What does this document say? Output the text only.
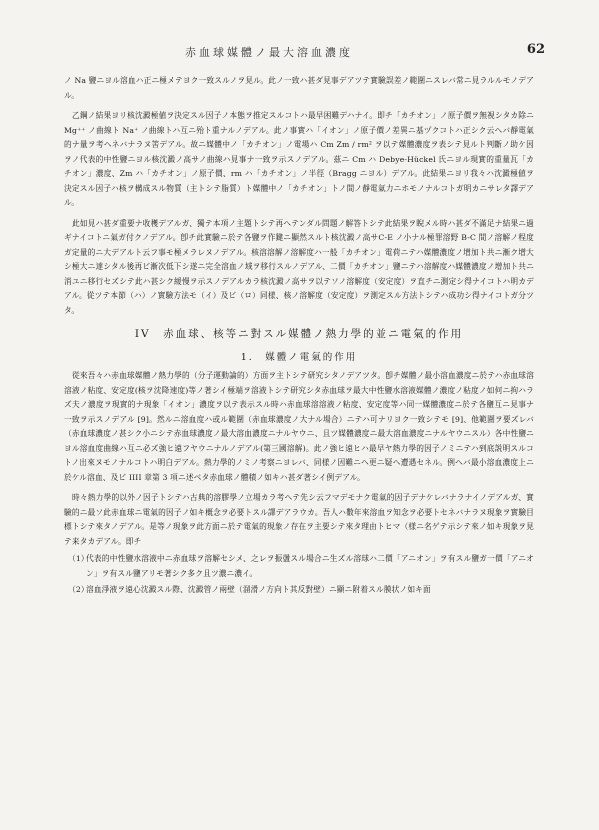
赤血球媒體ノ最大溶血濃度	62

ノ Na 鹽ニヨル溶血ハ正ニ極メテヨク一致スルノヲ見ル。此ノ一致ハ甚ダ見事デアツテ實驗誤差ノ範圍ニスレバ常ニ見ラルルモノデアル。

乙鋼ノ結果ヨリ核沈澱極値ヲ決定スル因子ノ本態ヲ推定スルコトハ最早困難デハナイ。即チ「カチオン」ノ原子價ヲ無視シタカ除ニ Mg⁺⁺ ノ曲線ト Na⁺ ノ曲線トハ互ニ殆ト重ナルノデアル。此ノ事實ハ「イオン」ノ原子價ノ差異ニ基ヅクコトハ正シク云ヘバ靜電氣的ナ量ヲ考ヘネバナラヌ筈デアル。故ニ媒體中ノ「カチオン」ノ電場ハ Cm Zm / rm² ヲ以テ媒體濃度ヲ表シテ見ルト判斷ノ助ケ因ヲノ代表的中性鹽ニヨル核沈澱ノ高サノ曲線ハ見事ナ一致ヲ示スノデアル。茲ニ Cm ハ Debye-Hückel 氏ニヨル現實的重量瓦「カチオン」濃度、Zm ハ「カチオン」ノ原子價、rm ハ「カチオン」ノ半徑（Bragg ニヨル）デアル。此結果ニヨリ我々ハ沈澱極値ヲ決定スル因子ハ核ヲ構成スル物質（主トシテ脂質）ト媒體中ノ「カチオン」トノ間ノ靜電氣力ニホモノナルコトガ明カニサレタ譯デアル。

此如見ハ甚ダ重要ナ收穫デアルガ、獨テ本項ノ主題トシテ再ヘテンダル問題ノ解答トシテ此結果ヲ睨メル時ハ甚ダ不滿足ナ結果ニ過ギナイコトニ氣ガ付クノデアル。卽チ此實驗ニ於テ各鹽ヲ作鍵ニ顯然スルト核沈澱ノ高サC-E ノ小ナル極罪溶野 B-C 間ノ溶解ノ程度ガ定量的ニ大デアルト云フ事モ極メラレヌノデアル。核溶溶解ノ溶解度ハ一般「カチオン」電荷ニテハ媒體濃度ノ增加ト共ニ漸ク增大シ極大ニ達シタル後再ビ漸次低下シ遂ニ完全溶血ノ域ヲ移行スルノデアル、二價「カチオン」鹽ニテハ溶解度ハ媒體濃度ノ增加ト共ニ消ユニ移行セズシテ此ハ甚シク緩慢ヲ示スノデアルカラ核沈澱ノ高サヲ以テソノ溶解度（安定度）ヲ直チニ測定シ得ナイコトハ明カデアル。從ツテ本節（ハ）ノ實驗方法モ（イ）及ビ（ロ）同様、核ノ溶解度（安定度）ヲ測定スル方法トシテハ成功シ得ナイコトガ分ツタ。

IV　赤血球、核等ニ對スル媒體ノ熱力學的並ニ電氣的作用
1.　媒體ノ電氣的作用

從來吾々ハ赤血球媒體ノ熱力學的（分子運動論的）方面ヲ主トシテ研究シタノデアツタ。卽チ媒體ノ最小溶血濃度ニ於テハ赤血球溶溶液ノ粘度、安定度(核ヲ沈降速度)等ノ著シイ極端ヲ溶液トシテ研究シタ赤血球ヲ最大中性鹽水溶液媒體ノ濃度ノ粘度ノ如何ニ拘ハラズ夫ノ濃度ヲ現實的ナ現象「イオン」濃度ヲ以テ表示スル時ハ赤血球溶溶液ノ粘度、安定度等ハ同一媒體濃度ニ於テ各鹽互ニ見事ナ一致ヲ示スノデアル [9]。然ルニ溶血度ハ或ル範圍（赤血球濃度ノ大ナル場合）ニテハ可ナリヨク一致シテモ [9]、他範圍ヲ要ズレバ（赤血球濃度ノ甚シク小ニシテ赤血球濃度ノ最大溶血濃度ニナルヤウニ、且ツ媒體濃度ニ最大溶血濃度ニナルヤウニスル）各中性鹽ニヨル溶血度曲線ハ互ニ必ズ強ヒ遠フヤウニナルノデアル(第三國溶解)。此ノ強ヒ遠ヒハ最早ヤ熱力學的因子ノミニテハ到底説明スルコトノ出來ヌモノナルコトハ明白デアル。熱力學的ノミノ考察ニヨレバ、同様ノ因難ニヘ更ニ疑ヘ遭遇セネル。例ヘバ最小溶血濃度上ニ於ケル溶血、及ビ IIII 章第 3 項ニ述ベタ赤血球ノ體積ノ如キハ甚ダ著シイ例デアル。

時々熱力學的以外ノ因子トシテハ古典的溶膠學ノ立場カラ考ヘテ先シ云フマデモナク電氣的因子デナケレバナラナイノデアルガ、實驗的ニ最ソ此赤血球ニ電氣的因子ノ如キ概念ヲ必要トスル譯デアラウカ。吾人ハ數年來溶血ヲ知念ヲ必要トセネバナラヌ現象ヲ實驗目標トシテ來タノデアル。是等ノ現象ヲ此方面ニ於テ電氣的現象ノ存在ヲ主要シテ來タ理由トヒマ（様ニ名ゲテ示シテ來ノ如キ現象ヲ見テ来タカデアル。即チ

（1）代表的中性鹽水溶液中ニ赤血球ヲ溶解セシメ、之レヲ振盪スル場合ニ生ズル溶球ハ二價「アニオン」ヲ有スル鹽ガ一價「アニオン」ヲ有スル鹽アリモ著シク多ク且ツ濃ニ濃イ。
（2）溶血淨液ヲ遠心沈澱スル際、沈澱管ノ兩壁（溜滑ノ方向ト其反對壁）ニ顯ニ附着スル膜状ノ如キ面
